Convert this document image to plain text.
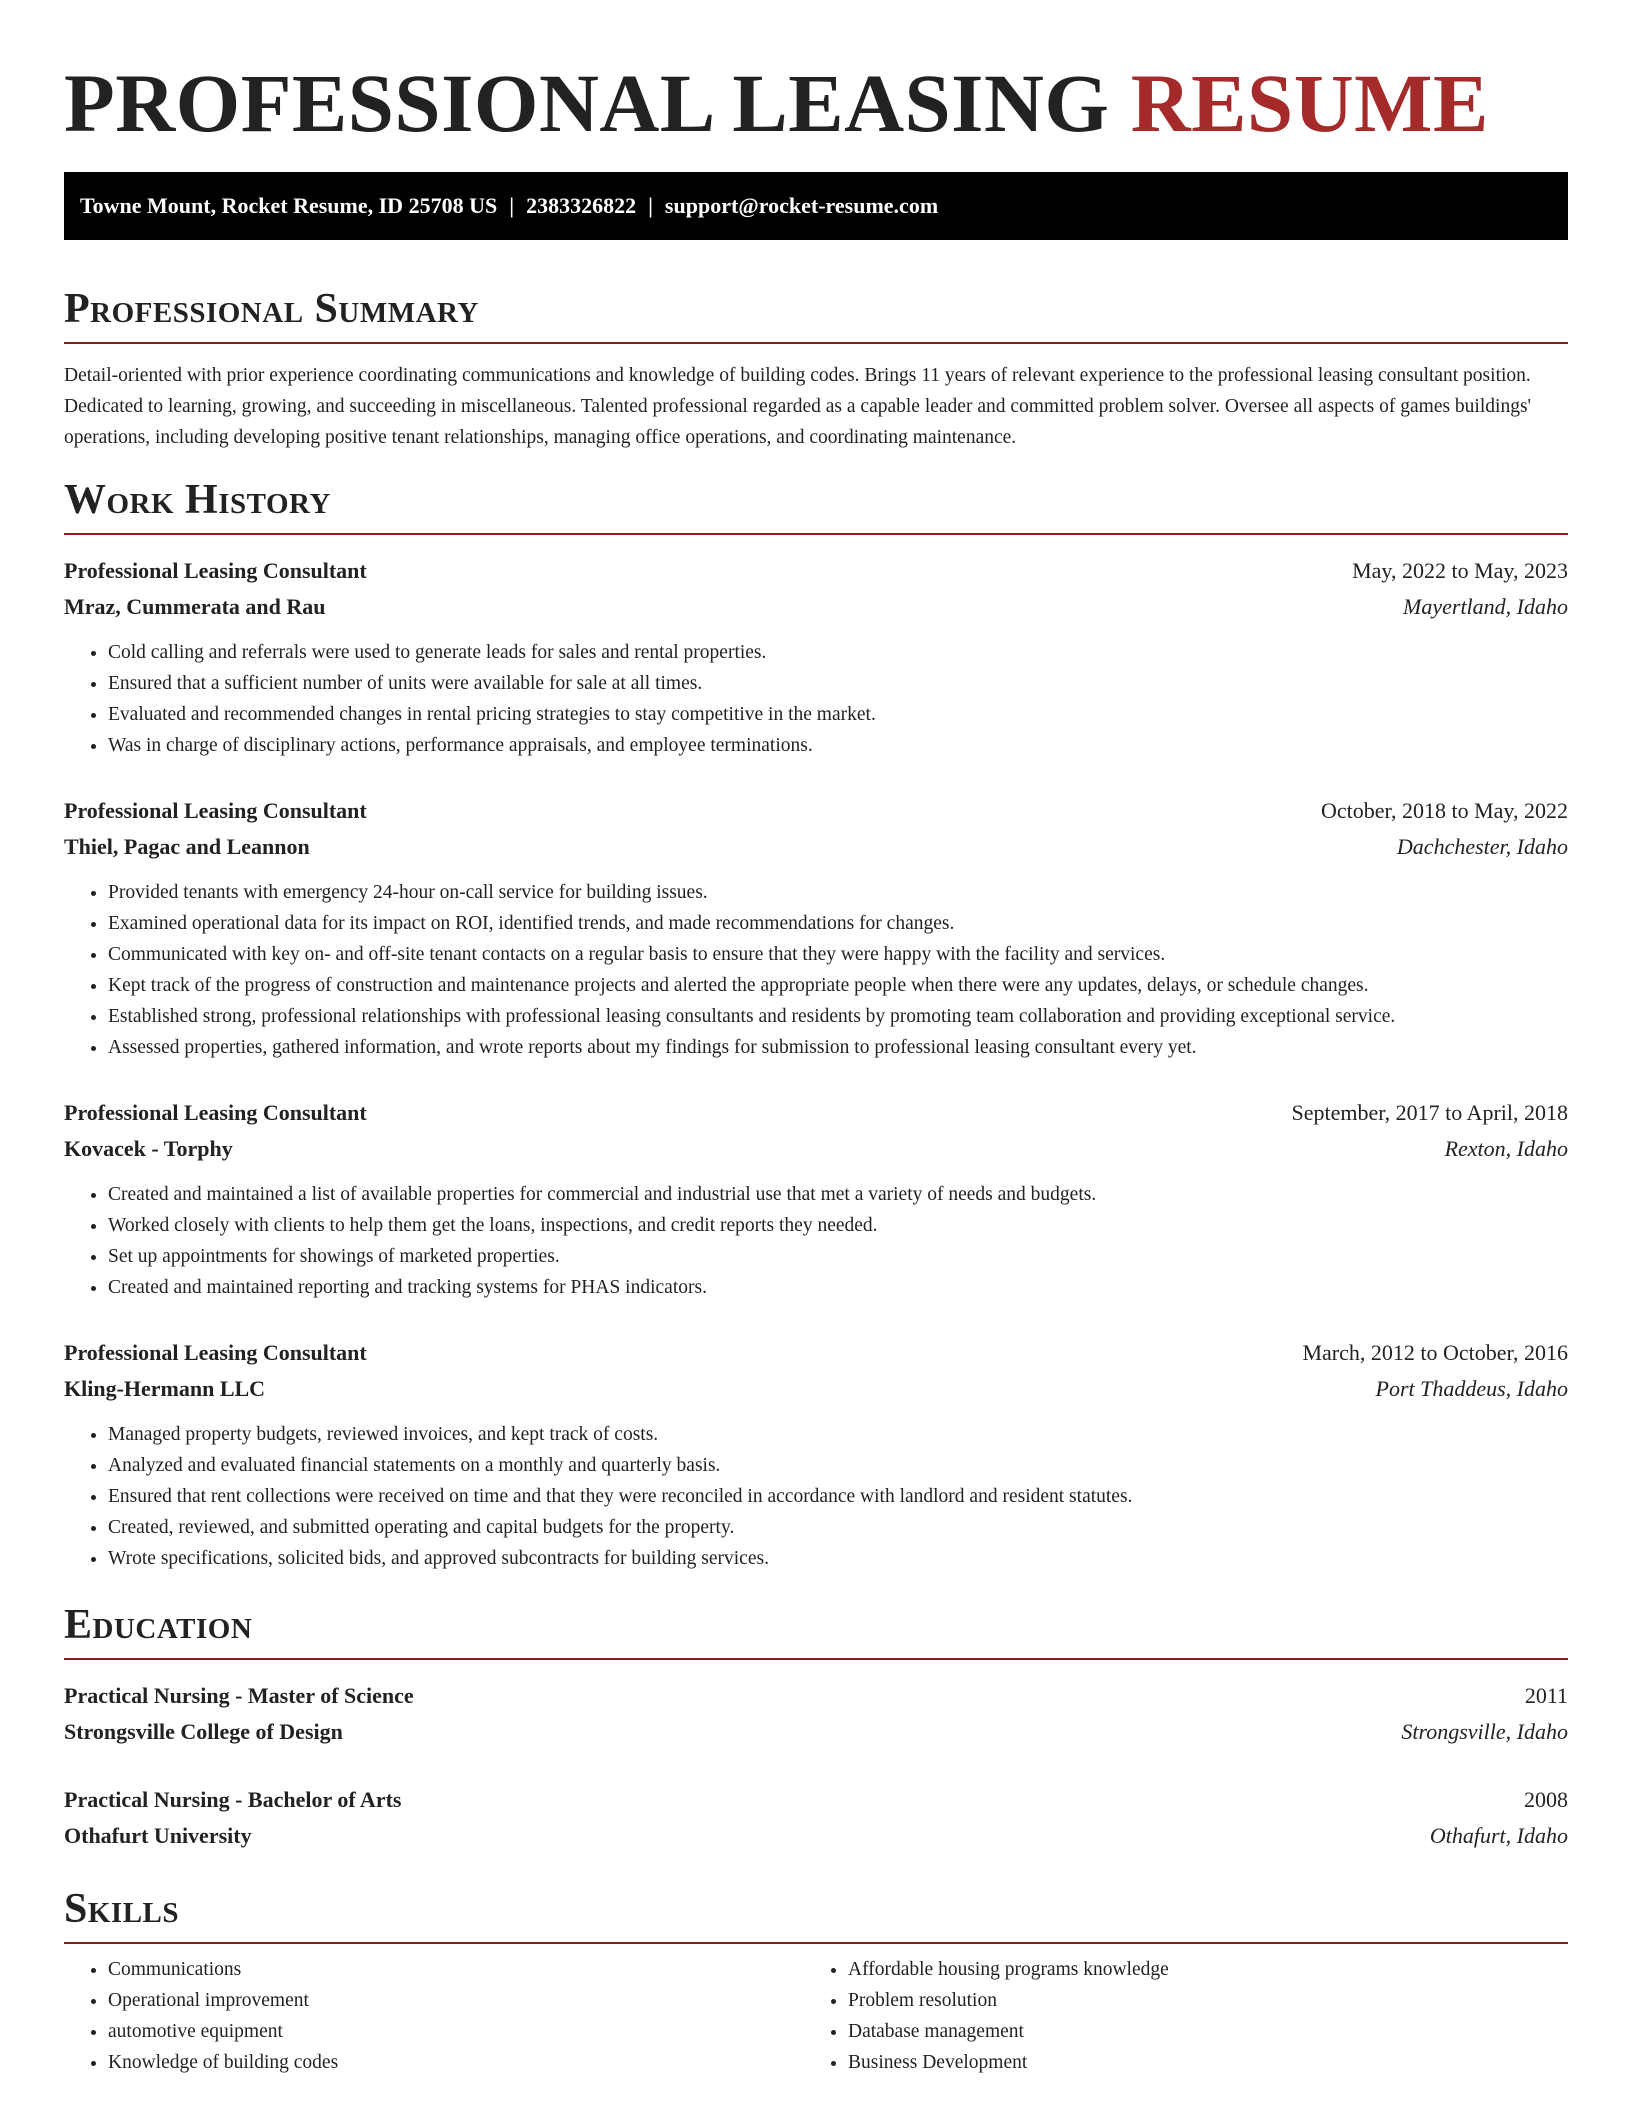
PROFESSIONAL LEASING RESUME
Towne Mount, Rocket Resume, ID 25708 US | 2383326822 | support@rocket-resume.com
Professional Summary

Detail-oriented with prior experience coordinating communications and knowledge of building codes. Brings 11 years of relevant experience to the professional leasing consultant position. Dedicated to learning, growing, and succeeding in miscellaneous. Talented professional regarded as a capable leader and committed problem solver. Oversee all aspects of games buildings' operations, including developing positive tenant relationships, managing office operations, and coordinating maintenance.

Work History
Professional Leasing Consultant	May, 2022 to May, 2023
Mraz, Cummerata and Rau	Mayertland, Idaho
• Cold calling and referrals were used to generate leads for sales and rental properties.
• Ensured that a sufficient number of units were available for sale at all times.
• Evaluated and recommended changes in rental pricing strategies to stay competitive in the market.
• Was in charge of disciplinary actions, performance appraisals, and employee terminations.
Professional Leasing Consultant	October, 2018 to May, 2022
Thiel, Pagac and Leannon	Dachchester, Idaho
• Provided tenants with emergency 24-hour on-call service for building issues.
• Examined operational data for its impact on ROI, identified trends, and made recommendations for changes.
• Communicated with key on- and off-site tenant contacts on a regular basis to ensure that they were happy with the facility and services.
• Kept track of the progress of construction and maintenance projects and alerted the appropriate people when there were any updates, delays, or schedule changes.
• Established strong, professional relationships with professional leasing consultants and residents by promoting team collaboration and providing exceptional service.
• Assessed properties, gathered information, and wrote reports about my findings for submission to professional leasing consultant every yet.
Professional Leasing Consultant	September, 2017 to April, 2018
Kovacek - Torphy	Rexton, Idaho
• Created and maintained a list of available properties for commercial and industrial use that met a variety of needs and budgets.
• Worked closely with clients to help them get the loans, inspections, and credit reports they needed.
• Set up appointments for showings of marketed properties.
• Created and maintained reporting and tracking systems for PHAS indicators.
Professional Leasing Consultant	March, 2012 to October, 2016
Kling-Hermann LLC	Port Thaddeus, Idaho
• Managed property budgets, reviewed invoices, and kept track of costs.
• Analyzed and evaluated financial statements on a monthly and quarterly basis.
• Ensured that rent collections were received on time and that they were reconciled in accordance with landlord and resident statutes.
• Created, reviewed, and submitted operating and capital budgets for the property.
• Wrote specifications, solicited bids, and approved subcontracts for building services.
Education
Practical Nursing - Master of Science	2011
Strongsville College of Design	Strongsville, Idaho
Practical Nursing - Bachelor of Arts	2008
Othafurt University	Othafurt, Idaho
Skills
• Communications
• Operational improvement
• automotive equipment
• Knowledge of building codes
• Affordable housing programs knowledge
• Problem resolution
• Database management
• Business Development
